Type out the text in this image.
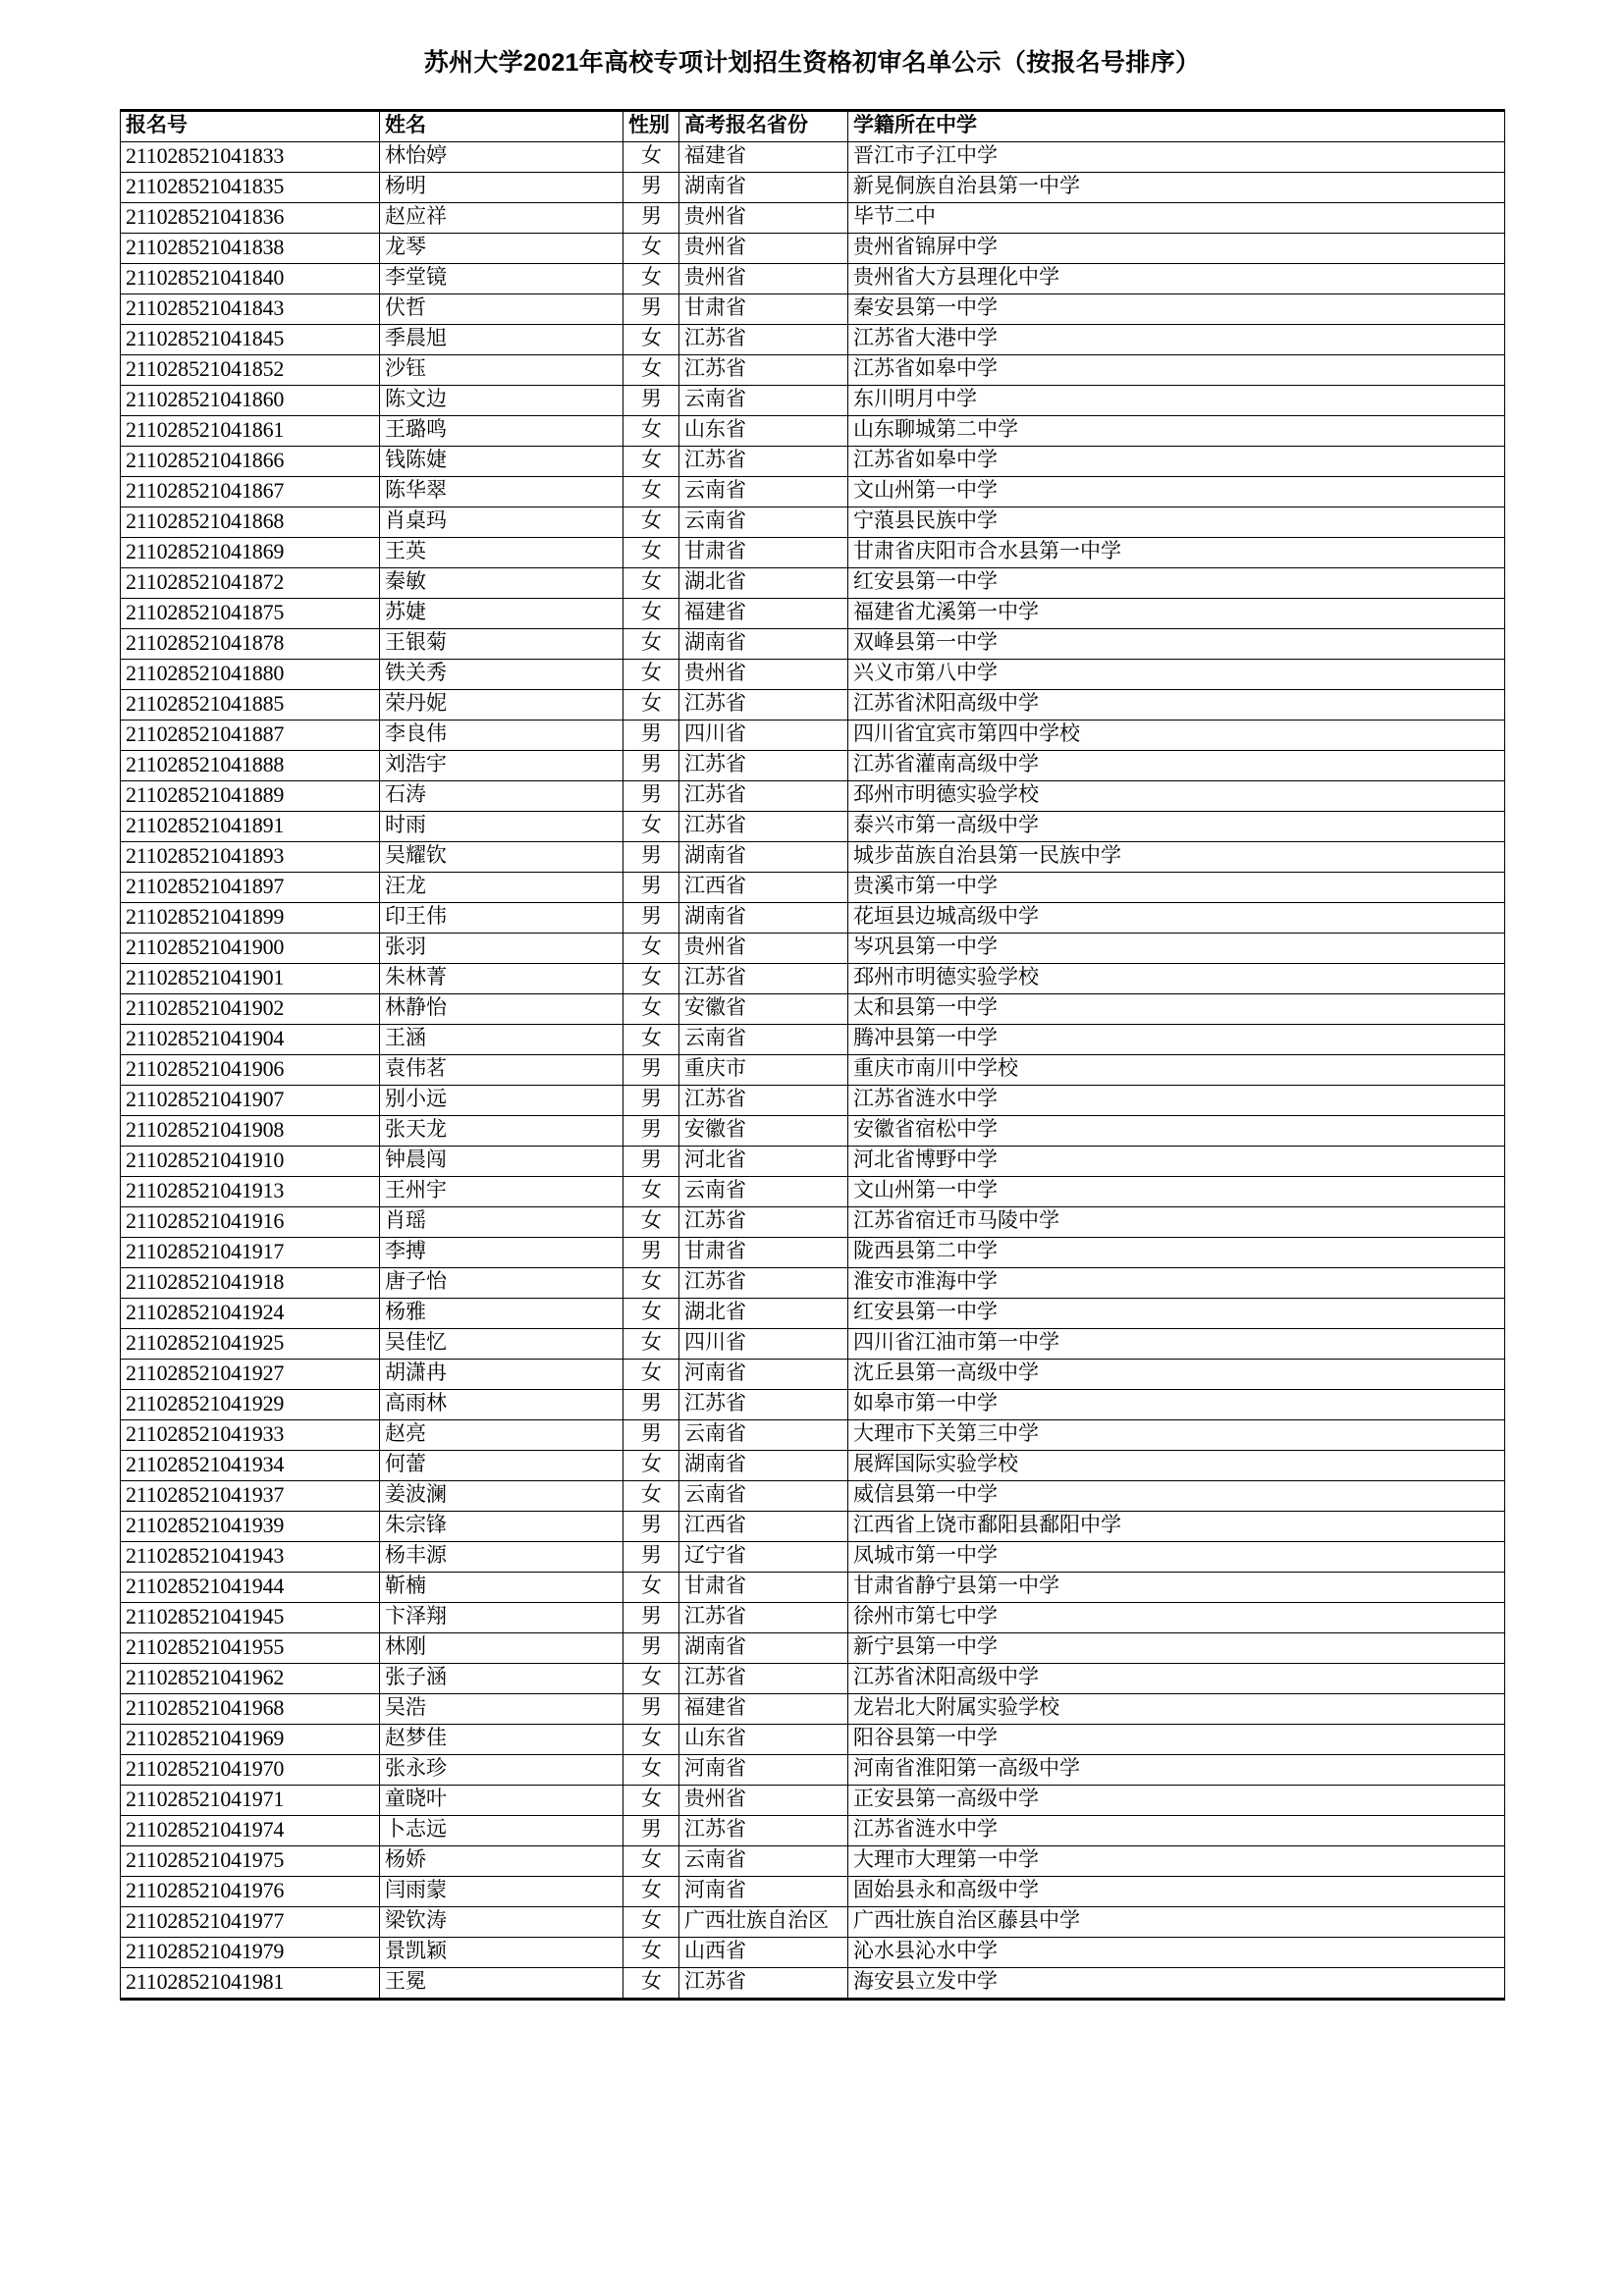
苏州大学2021年高校专项计划招生资格初审名单公示（按报名号排序）
报名号	姓名	性别	高考报名省份	学籍所在中学
211028521041833	林怡婷	女	福建省	晋江市子江中学
211028521041835	杨明	男	湖南省	新晃侗族自治县第一中学
211028521041836	赵应祥	男	贵州省	毕节二中
211028521041838	龙琴	女	贵州省	贵州省锦屏中学
211028521041840	李堂镜	女	贵州省	贵州省大方县理化中学
211028521041843	伏哲	男	甘肃省	秦安县第一中学
211028521041845	季晨旭	女	江苏省	江苏省大港中学
211028521041852	沙钰	女	江苏省	江苏省如皋中学
211028521041860	陈文边	男	云南省	东川明月中学
211028521041861	王璐鸣	女	山东省	山东聊城第二中学
211028521041866	钱陈婕	女	江苏省	江苏省如皋中学
211028521041867	陈华翠	女	云南省	文山州第一中学
211028521041868	肖桌玛	女	云南省	宁蒗县民族中学
211028521041869	王英	女	甘肃省	甘肃省庆阳市合水县第一中学
211028521041872	秦敏	女	湖北省	红安县第一中学
211028521041875	苏婕	女	福建省	福建省尤溪第一中学
211028521041878	王银菊	女	湖南省	双峰县第一中学
211028521041880	铁关秀	女	贵州省	兴义市第八中学
211028521041885	荣丹妮	女	江苏省	江苏省沭阳高级中学
211028521041887	李良伟	男	四川省	四川省宜宾市第四中学校
211028521041888	刘浩宇	男	江苏省	江苏省灌南高级中学
211028521041889	石涛	男	江苏省	邳州市明德实验学校
211028521041891	时雨	女	江苏省	泰兴市第一高级中学
211028521041893	吴耀钦	男	湖南省	城步苗族自治县第一民族中学
211028521041897	汪龙	男	江西省	贵溪市第一中学
211028521041899	印王伟	男	湖南省	花垣县边城高级中学
211028521041900	张羽	女	贵州省	岑巩县第一中学
211028521041901	朱林菁	女	江苏省	邳州市明德实验学校
211028521041902	林静怡	女	安徽省	太和县第一中学
211028521041904	王涵	女	云南省	腾冲县第一中学
211028521041906	袁伟茗	男	重庆市	重庆市南川中学校
211028521041907	别小远	男	江苏省	江苏省涟水中学
211028521041908	张天龙	男	安徽省	安徽省宿松中学
211028521041910	钟晨闯	男	河北省	河北省博野中学
211028521041913	王州宇	女	云南省	文山州第一中学
211028521041916	肖瑶	女	江苏省	江苏省宿迁市马陵中学
211028521041917	李搏	男	甘肃省	陇西县第二中学
211028521041918	唐子怡	女	江苏省	淮安市淮海中学
211028521041924	杨雅	女	湖北省	红安县第一中学
211028521041925	吴佳忆	女	四川省	四川省江油市第一中学
211028521041927	胡潇冉	女	河南省	沈丘县第一高级中学
211028521041929	高雨林	男	江苏省	如皋市第一中学
211028521041933	赵亮	男	云南省	大理市下关第三中学
211028521041934	何蕾	女	湖南省	展辉国际实验学校
211028521041937	姜波澜	女	云南省	威信县第一中学
211028521041939	朱宗锋	男	江西省	江西省上饶市鄱阳县鄱阳中学
211028521041943	杨丰源	男	辽宁省	凤城市第一中学
211028521041944	靳楠	女	甘肃省	甘肃省静宁县第一中学
211028521041945	卞泽翔	男	江苏省	徐州市第七中学
211028521041955	林刚	男	湖南省	新宁县第一中学
211028521041962	张子涵	女	江苏省	江苏省沭阳高级中学
211028521041968	吴浩	男	福建省	龙岩北大附属实验学校
211028521041969	赵梦佳	女	山东省	阳谷县第一中学
211028521041970	张永珍	女	河南省	河南省淮阳第一高级中学
211028521041971	童晓叶	女	贵州省	正安县第一高级中学
211028521041974	卜志远	男	江苏省	江苏省涟水中学
211028521041975	杨娇	女	云南省	大理市大理第一中学
211028521041976	闫雨蒙	女	河南省	固始县永和高级中学
211028521041977	梁钦涛	女	广西壮族自治区	广西壮族自治区藤县中学
211028521041979	景凯颖	女	山西省	沁水县沁水中学
211028521041981	王冕	女	江苏省	海安县立发中学
